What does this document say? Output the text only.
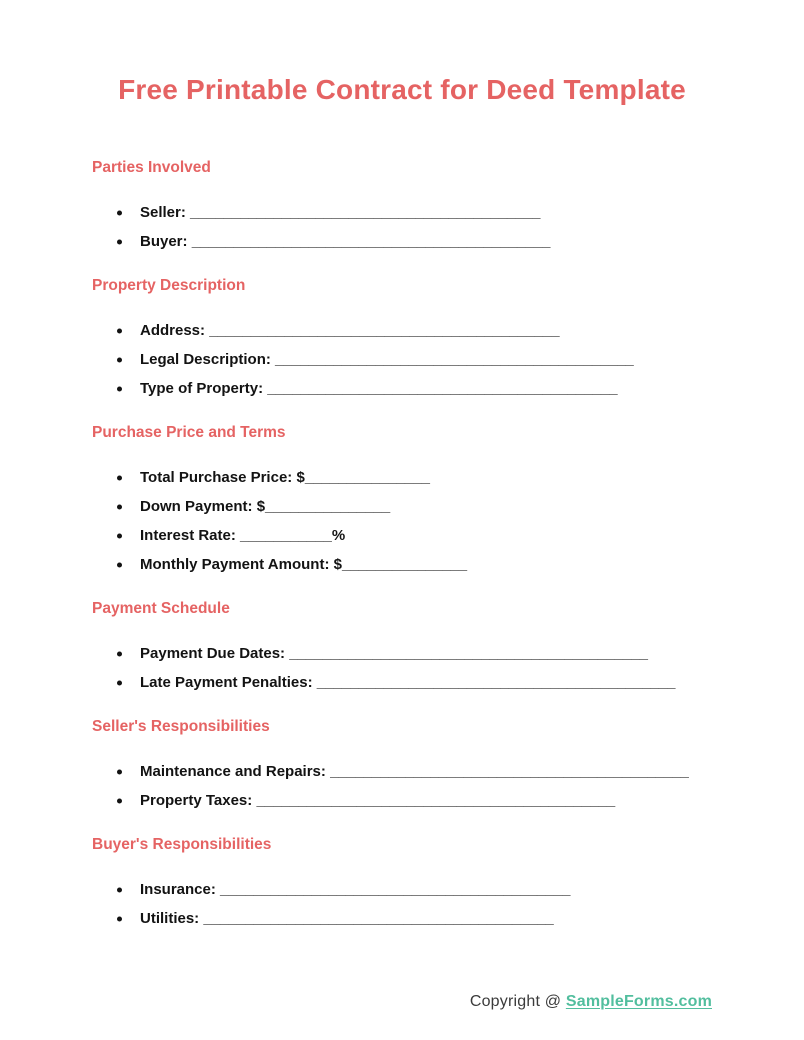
Free Printable Contract for Deed Template
Parties Involved
Seller: __________________________________________
Buyer: ___________________________________________
Property Description
Address: __________________________________________
Legal Description: ___________________________________________
Type of Property: __________________________________________
Purchase Price and Terms
Total Purchase Price: $_______________
Down Payment: $_______________
Interest Rate: ___________%
Monthly Payment Amount: $_______________
Payment Schedule
Payment Due Dates: ___________________________________________
Late Payment Penalties: ___________________________________________
Seller's Responsibilities
Maintenance and Repairs: ___________________________________________
Property Taxes: ___________________________________________
Buyer's Responsibilities
Insurance: __________________________________________
Utilities: __________________________________________
Copyright @ SampleForms.com
